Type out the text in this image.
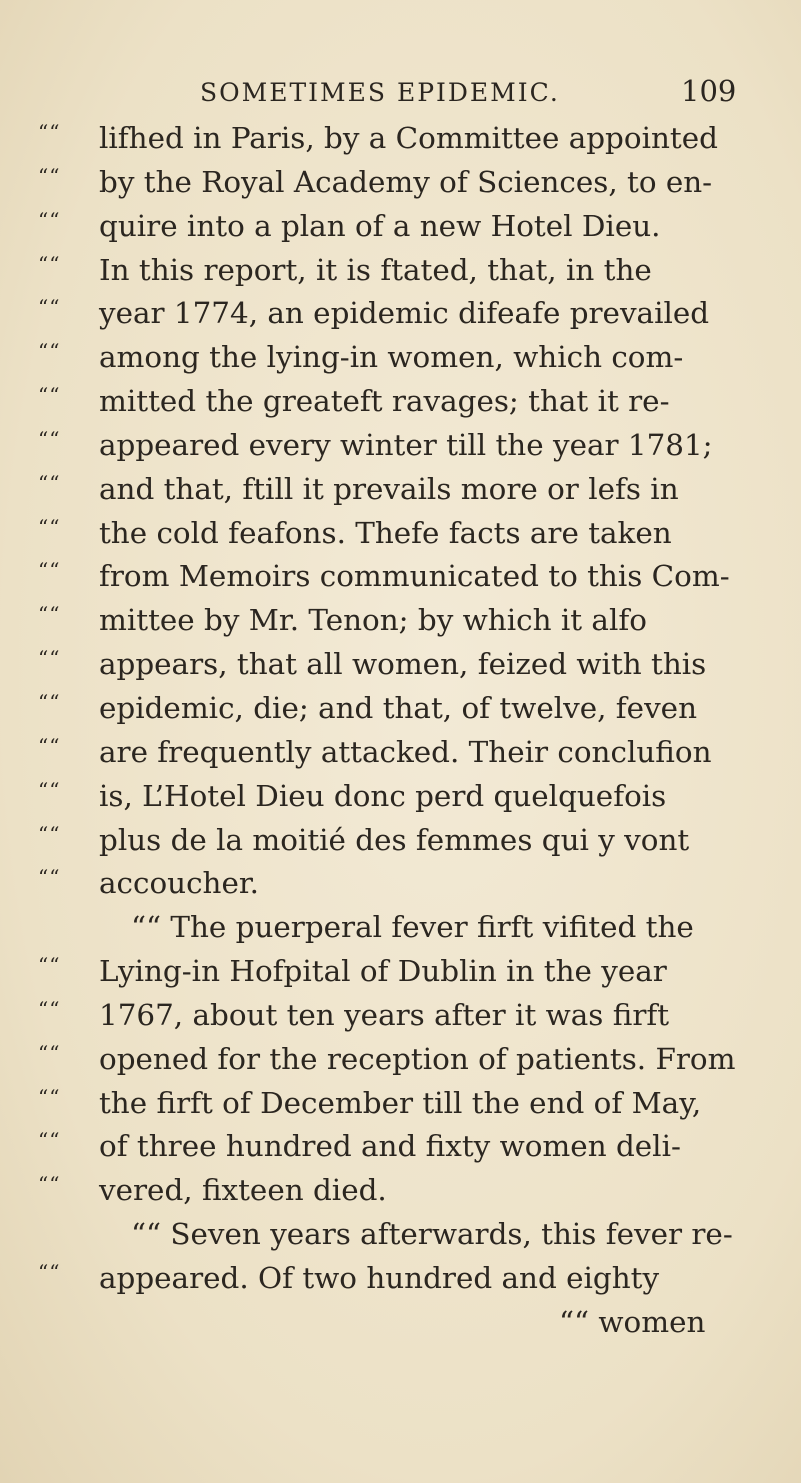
SOMETIMES EPIDEMIC.	109
““ lifhed in Paris, by a Committee appointed
““ by the Royal Academy of Sciences, to en-
““ quire into a plan of a new Hotel Dieu.
““ In this report, it is ftated, that, in the
““ year 1774, an epidemic difeafe prevailed
““ among the lying-in women, which com-
““ mitted the greateft ravages; that it re-
““ appeared every winter till the year 1781;
““ and that, ftill it prevails more or lefs in
““ the cold feafons. Thefe facts are taken
““ from Memoirs communicated to this Com-
““ mittee by Mr. Tenon; by which it alfo
““ appears, that all women, feized with this
““ epidemic, die; and that, of twelve, feven
““ are frequently attacked. Their conclufion
““ is, L’Hotel Dieu donc perd quelquefois
““ plus de la moitié des femmes qui y vont
““ accoucher.
““ The puerperal fever firft vifited the
““ Lying-in Hofpital of Dublin in the year
““ 1767, about ten years after it was firft
““ opened for the reception of patients. From
““ the firft of December till the end of May,
““ of three hundred and fixty women deli-
““ vered, fixteen died.
““ Seven years afterwards, this fever re-
““ appeared. Of two hundred and eighty
““ women
